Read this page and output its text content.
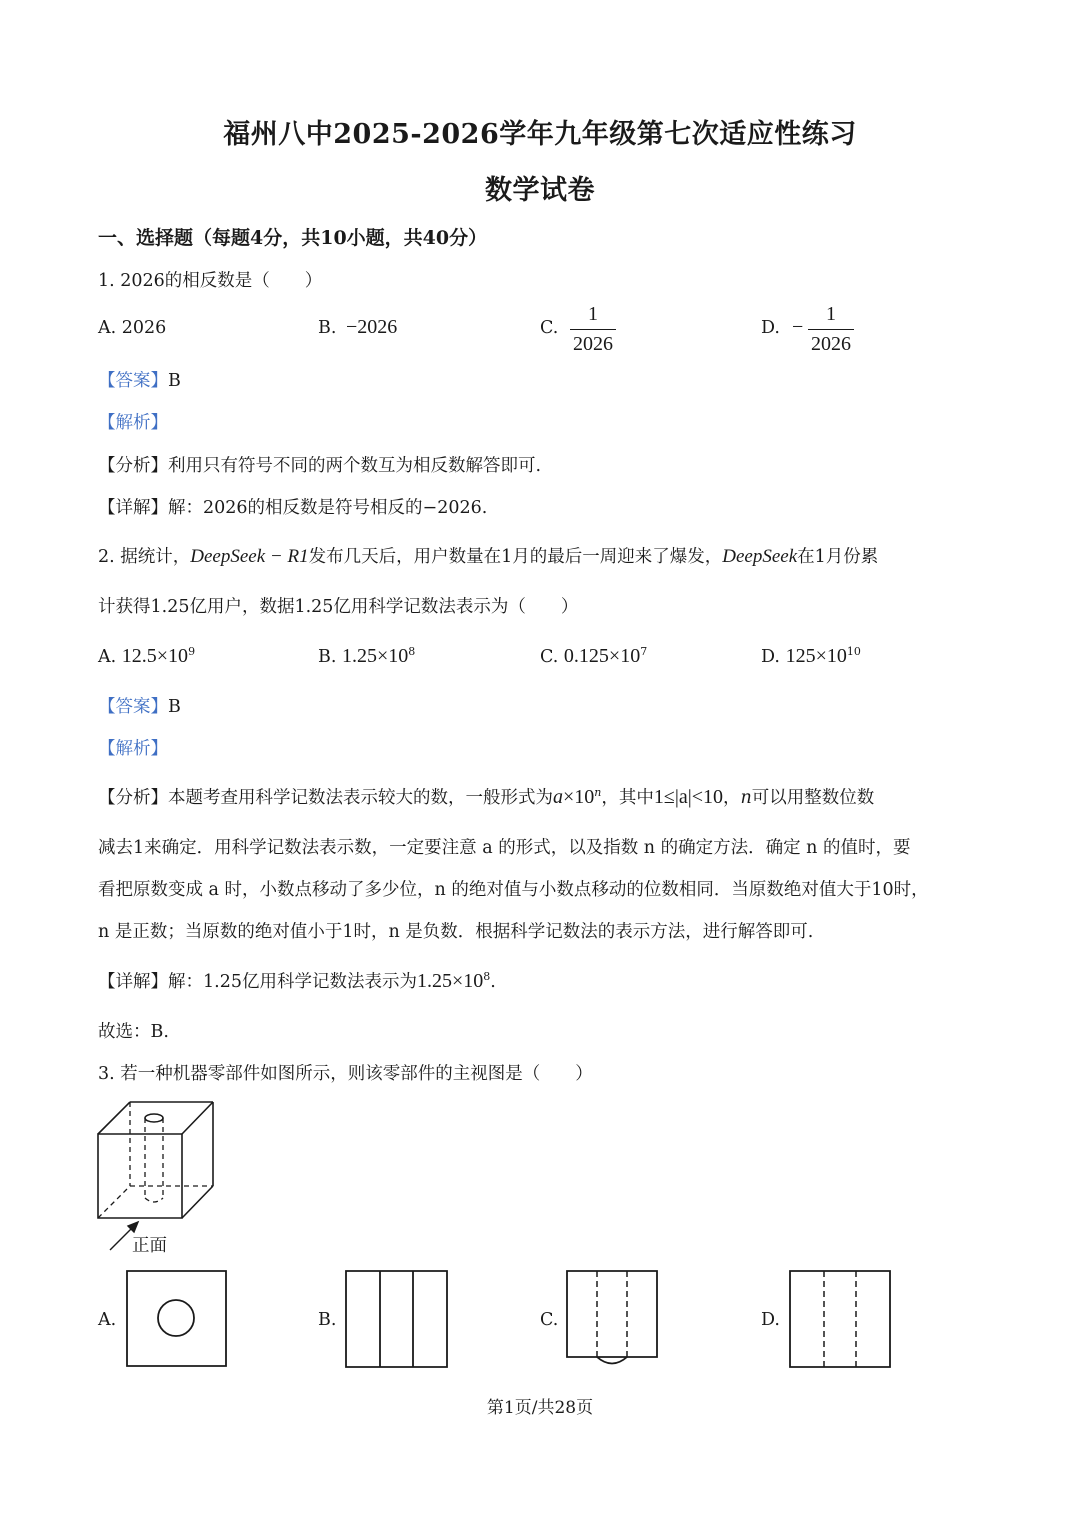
福州八中2025-2026学年九年级第七次适应性练习
数学试卷
一、选择题（每题4分，共10小题，共40分）
1. 2026的相反数是（　　）
A. 2026	B. −2026	C.
1
2026
D. −
1
2026
【答案】B
【解析】
【分析】利用只有符号不同的两个数互为相反数解答即可.
【详解】解：2026的相反数是符号相反的−2026.
2. 据统计，DeepSeek − R1发布几天后，用户数量在1月的最后一周迎来了爆发，DeepSeek在1月份累
计获得1.25亿用户，数据1.25亿用科学记数法表示为（　　）
A. $12.5\times 10^9$	B. $1.25\times 10^8$	C. $0.125\times 10^7$	D. $125\times 10^{10}$
【答案】B
【解析】
【分析】本题考查用科学记数法表示较大的数，一般形式为$a\times 10^n$，其中1≤|a|<10，n可以用整数位数
减去1来确定．用科学记数法表示数，一定要注意 a 的形式，以及指数 n 的确定方法．确定 n 的值时，要
看把原数变成 a 时，小数点移动了多少位，n 的绝对值与小数点移动的位数相同．当原数绝对值大于10时，
n 是正数；当原数的绝对值小于1时，n 是负数．根据科学记数法的表示方法，进行解答即可.
【详解】解：1.25亿用科学记数法表示为$1.25\times 10^8$.
故选：B.
3. 若一种机器零部件如图所示，则该零部件的主视图是（　　）
正面
A.	B.	C.	D.
第1页/共28页
